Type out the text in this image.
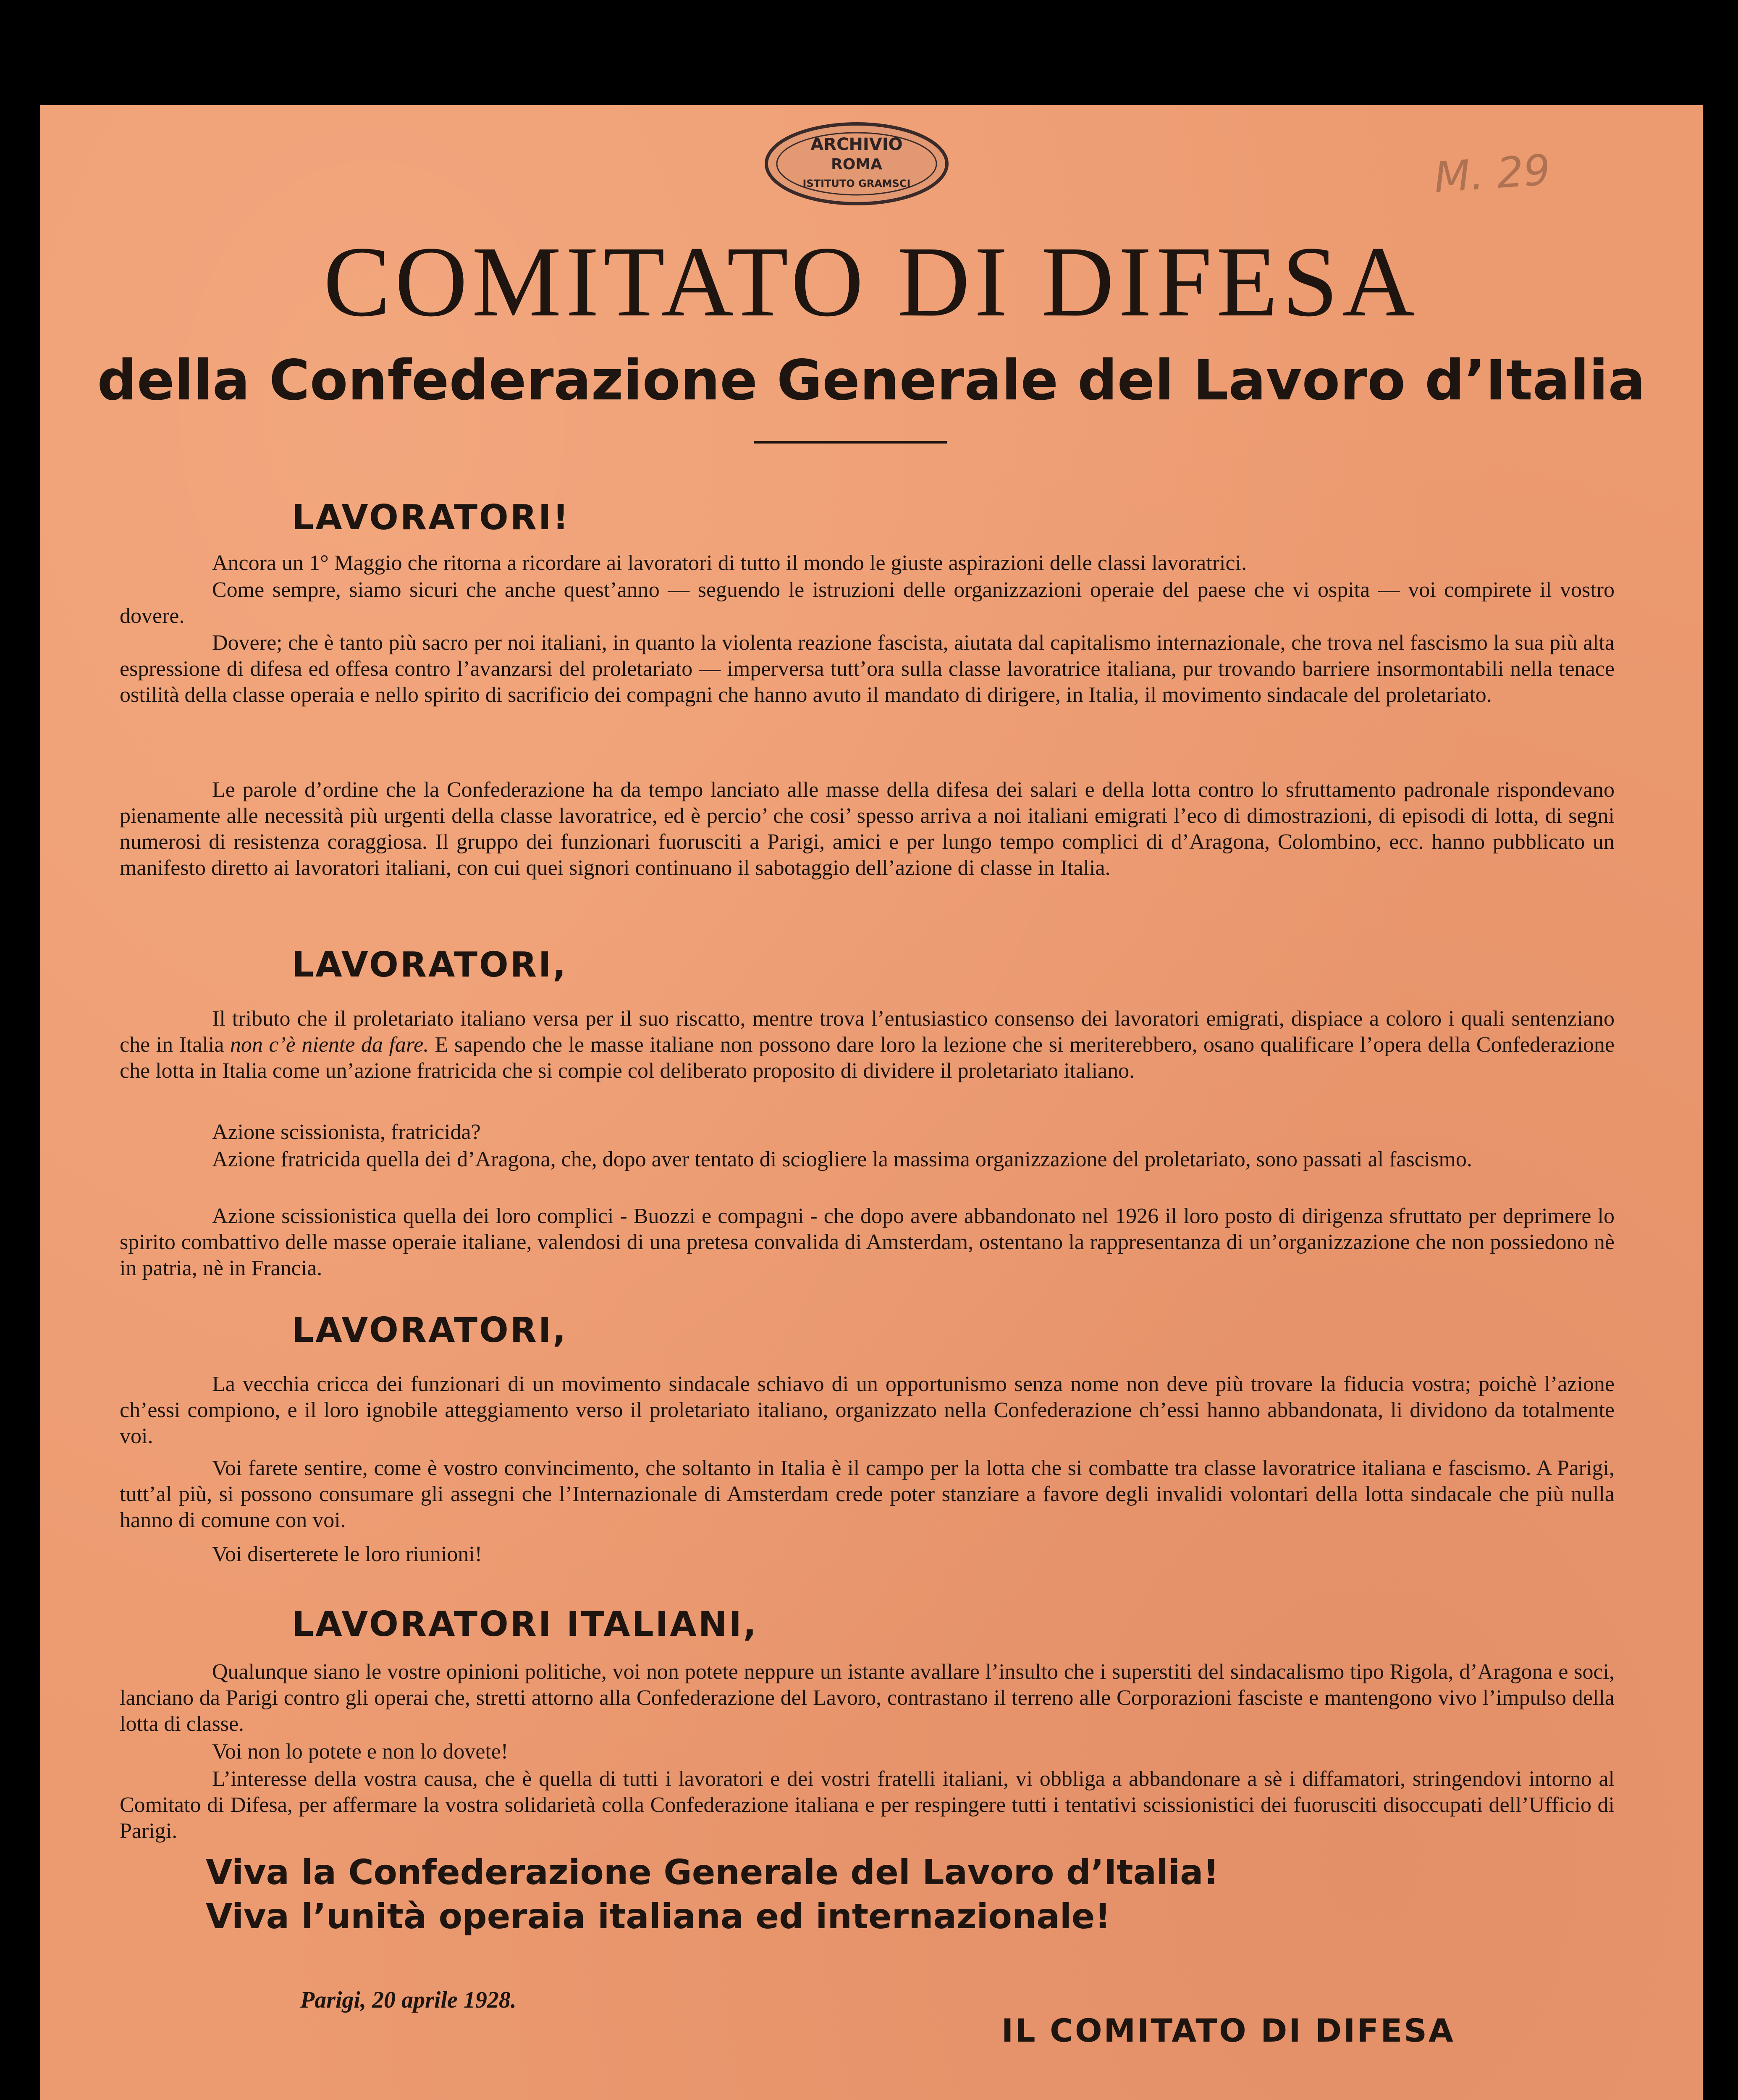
ARCHIVIO
ROMA
ISTITUTO GRAMSCI	M. 29
COMITATO DI DIFESA
della Confederazione Generale del Lavoro d’Italia
LAVORATORI!

Ancora un 1° Maggio che ritorna a ricordare ai lavoratori di tutto il mondo le giuste aspirazioni delle classi lavoratrici.

Come sempre, siamo sicuri che anche quest’anno — seguendo le istruzioni delle organizzazioni operaie del paese che vi ospita — voi compirete il vostro dovere.

Dovere; che è tanto più sacro per noi italiani, in quanto la violenta reazione fascista, aiutata dal capitalismo internazionale, che trova nel fascismo la sua più alta espressione di difesa ed offesa contro l’avanzarsi del proletariato — imperversa tutt’ora sulla classe lavoratrice italiana, pur trovando barriere insormontabili nella tenace ostilità della classe operaia e nello spirito di sacrificio dei compagni che hanno avuto il mandato di dirigere, in Italia, il movimento sindacale del proletariato.

Le parole d’ordine che la Confederazione ha da tempo lanciato alle masse della difesa dei salari e della lotta contro lo sfruttamento padronale rispondevano pienamente alle necessità più urgenti della classe lavoratrice, ed è percio’ che cosi’ spesso arriva a noi italiani emigrati l’eco di dimostrazioni, di episodi di lotta, di segni numerosi di resistenza coraggiosa. Il gruppo dei funzionari fuorusciti a Parigi, amici e per lungo tempo complici di d’Aragona, Colombino, ecc. hanno pubblicato un manifesto diretto ai lavoratori italiani, con cui quei signori continuano il sabotaggio dell’azione di classe in Italia.

LAVORATORI,

Il tributo che il proletariato italiano versa per il suo riscatto, mentre trova l’entusiastico consenso dei lavoratori emigrati, dispiace a coloro i quali sentenziano che in Italia non c’è niente da fare. E sapendo che le masse italiane non possono dare loro la lezione che si meriterebbero, osano qualificare l’opera della Confederazione che lotta in Italia come un’azione fratricida che si compie col deliberato proposito di dividere il proletariato italiano.

Azione scissionista, fratricida?

Azione fratricida quella dei d’Aragona, che, dopo aver tentato di sciogliere la massima organizzazione del proletariato, sono passati al fascismo.

Azione scissionistica quella dei loro complici - Buozzi e compagni - che dopo avere abbandonato nel 1926 il loro posto di dirigenza sfruttato per deprimere lo spirito combattivo delle masse operaie italiane, valendosi di una pretesa convalida di Amsterdam, ostentano la rappresentanza di un’organizzazione che non possiedono nè in patria, nè in Francia.

LAVORATORI,

La vecchia cricca dei funzionari di un movimento sindacale schiavo di un opportunismo senza nome non deve più trovare la fiducia vostra; poichè l’azione ch’essi compiono, e il loro ignobile atteggiamento verso il proletariato italiano, organizzato nella Confederazione ch’essi hanno abbandonata, li dividono da totalmente voi.

Voi farete sentire, come è vostro convincimento, che soltanto in Italia è il campo per la lotta che si combatte tra classe lavoratrice italiana e fascismo. A Parigi, tutt’al più, si possono consumare gli assegni che l’Internazionale di Amsterdam crede poter stanziare a favore degli invalidi volontari della lotta sindacale che più nulla hanno di comune con voi.

Voi diserterete le loro riunioni!

LAVORATORI ITALIANI,

Qualunque siano le vostre opinioni politiche, voi non potete neppure un istante avallare l’insulto che i superstiti del sindacalismo tipo Rigola, d’Aragona e soci, lanciano da Parigi contro gli operai che, stretti attorno alla Confederazione del Lavoro, contrastano il terreno alle Corporazioni fasciste e mantengono vivo l’impulso della lotta di classe.

Voi non lo potete e non lo dovete!

L’interesse della vostra causa, che è quella di tutti i lavoratori e dei vostri fratelli italiani, vi obbliga a abbandonare a sè i diffamatori, stringendovi intorno al Comitato di Difesa, per affermare la vostra solidarietà colla Confederazione italiana e per respingere tutti i tentativi scissionistici dei fuorusciti disoccupati dell’Ufficio di Parigi.

Viva la Confederazione Generale del Lavoro d’Italia!

Viva l’unità operaia italiana ed internazionale!

Parigi, 20 aprile 1928.

IL COMITATO DI DIFESA
